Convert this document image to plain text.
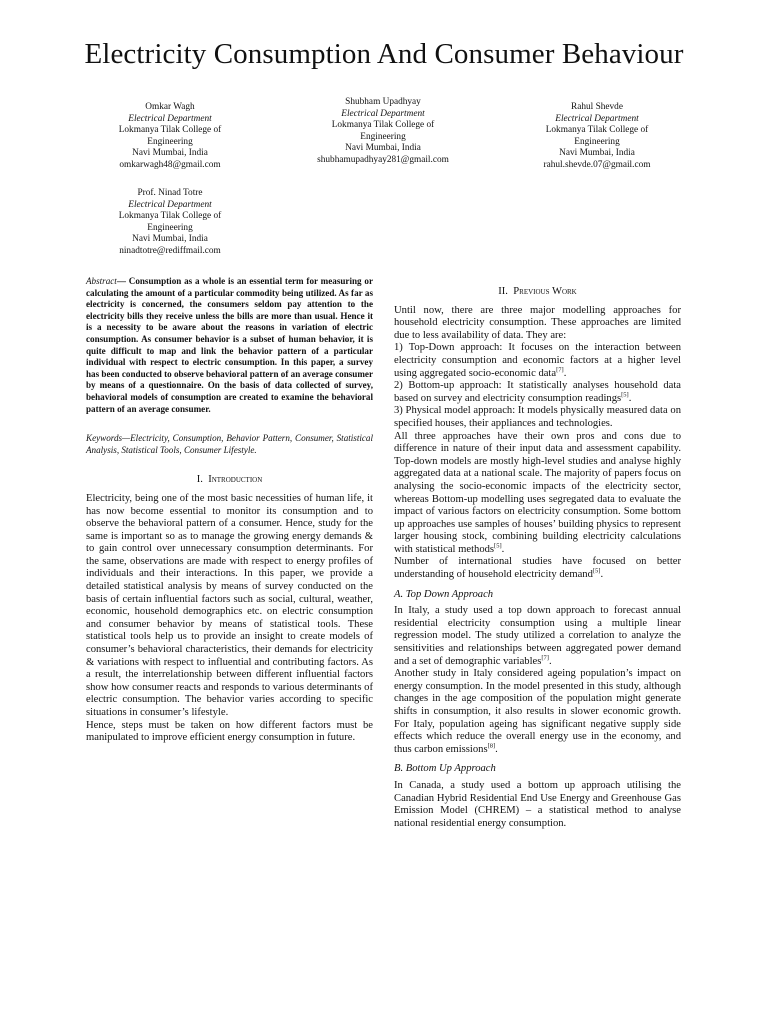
Electricity Consumption And Consumer Behaviour
Omkar Wagh
Electrical Department
Lokmanya Tilak College of Engineering
Navi Mumbai, India
omkarwagh48@gmail.com
Shubham Upadhyay
Electrical Department
Lokmanya Tilak College of Engineering
Navi Mumbai, India
shubhamupadhyay281@gmail.com
Rahul Shevde
Electrical Department
Lokmanya Tilak College of Engineering
Navi Mumbai, India
rahul.shevde.07@gmail.com
Prof. Ninad Totre
Electrical Department
Lokmanya Tilak College of Engineering
Navi Mumbai, India
ninadtotre@rediffmail.com

Abstract— Consumption as a whole is an essential term for measuring or calculating the amount of a particular commodity being utilized. As far as electricity is concerned, the consumers seldom pay attention to the electricity bills they receive unless the bills are more than usual. Hence it is a necessity to be aware about the reasons in variation of electric consumption. As consumer behavior is a subset of human behavior, it is quite difficult to map and link the behavior pattern of a particular individual with respect to electric consumption. In this paper, a survey has been conducted to observe behavioral pattern of an average consumer by means of a questionnaire. On the basis of data collected of survey, behavioral models of consumption are created to examine the behavioral pattern of an average consumer.

Keywords—Electricity, Consumption, Behavior Pattern, Consumer, Statistical Analysis, Statistical Tools, Consumer Lifestyle.

I. Introduction

Electricity, being one of the most basic necessities of human life, it has now become essential to monitor its consumption and to observe the behavioral pattern of a consumer. Hence, study for the same is important so as to manage the growing energy demands & to gain control over unnecessary consumption determinants. For the same, observations are made with respect to energy profiles of individuals and their interactions. In this paper, we provide a detailed statistical analysis by means of survey conducted on the basis of certain influential factors such as social, cultural, weather, economic, household demographics etc. on electric consumption and consumer behavior by means of statistical tools. These statistical tools help us to provide an insight to create models of consumer’s behavioral characteristics, their demands for electricity & variations with respect to influential and contributing factors. As a result, the interrelationship between different influential factors show how consumer reacts and responds to various determinants of electric consumption. The behavior varies according to specific situations in consumer’s lifestyle.

Hence, steps must be taken on how different factors must be manipulated to improve efficient energy consumption in future.

II. Previous Work

Until now, there are three major modelling approaches for household electricity consumption. These approaches are limited due to less availability of data. They are:

1) Top-Down approach: It focuses on the interaction between electricity consumption and economic factors at a higher level using aggregated socio-economic data[7].

2) Bottom-up approach: It statistically analyses household data based on survey and electricity consumption readings[5].

3) Physical model approach: It models physically measured data on specified houses, their appliances and technologies.

All three approaches have their own pros and cons due to difference in nature of their input data and assessment capability. Top-down models are mostly high-level studies and analyse highly aggregated data at a national scale. The majority of papers focus on analysing the socio-economic impacts of the electricity sector, whereas Bottom-up modelling uses segregated data to evaluate the impact of various factors on electricity consumption. Some bottom up approaches use samples of houses’ building physics to represent larger housing stock, combining building electricity calculations with statistical methods[5].

Number of international studies have focused on better understanding of household electricity demand[5].

A. Top Down Approach

In Italy, a study used a top down approach to forecast annual residential electricity consumption using a multiple linear regression model. The study utilized a correlation to analyze the sensitivities and relationships between aggregated power demand and a set of demographic variables[7].

Another study in Italy considered ageing population’s impact on energy consumption. In the model presented in this study, although changes in the age composition of the population might generate shifts in consumption, it also results in slower economic growth. For Italy, population ageing has significant negative supply side effects which reduce the overall energy use in the economy, and thus carbon emissions[8].

B. Bottom Up Approach

In Canada, a study used a bottom up approach utilising the Canadian Hybrid Residential End Use Energy and Greenhouse Gas Emission Model (CHREM) – a statistical method to analyse national residential energy consumption.
